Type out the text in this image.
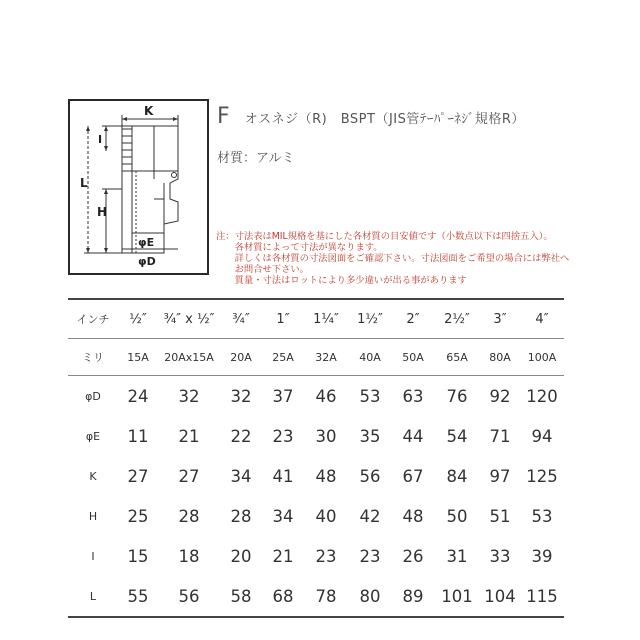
K
I
L
H
φE
φD
F オスネジ（R)　BSPT（JIS管ﾃｰﾊﾟｰﾈｼﾞ規格R）
材質：アルミ
注：寸法表はMIL規格を基にした各材質の目安値です（小数点以下は四捨五入）。
　　各材質によって寸法が異なります。
　　詳しくは各材質の寸法図面をご確認下さい。寸法図面をご希望の場合には弊社へ
　　お問合せ下さい。
　　質量・寸法はロットにより多少違いが出る事があります
インチ	½″	¾″ x ½″	¾″	1″	1¼″	1½″	2″	2½″	3″	4″
ミリ	15A	20Ax15A	20A	25A	32A	40A	50A	65A	80A	100A
φD	24	32	32	37	46	53	63	76	92	120
φE	11	21	22	23	30	35	44	54	71	94
K	27	27	34	41	48	56	67	84	97	125
H	25	28	28	34	40	42	48	50	51	53
I	15	18	20	21	23	23	26	31	33	39
L	55	56	58	68	78	80	89	101	104	115
